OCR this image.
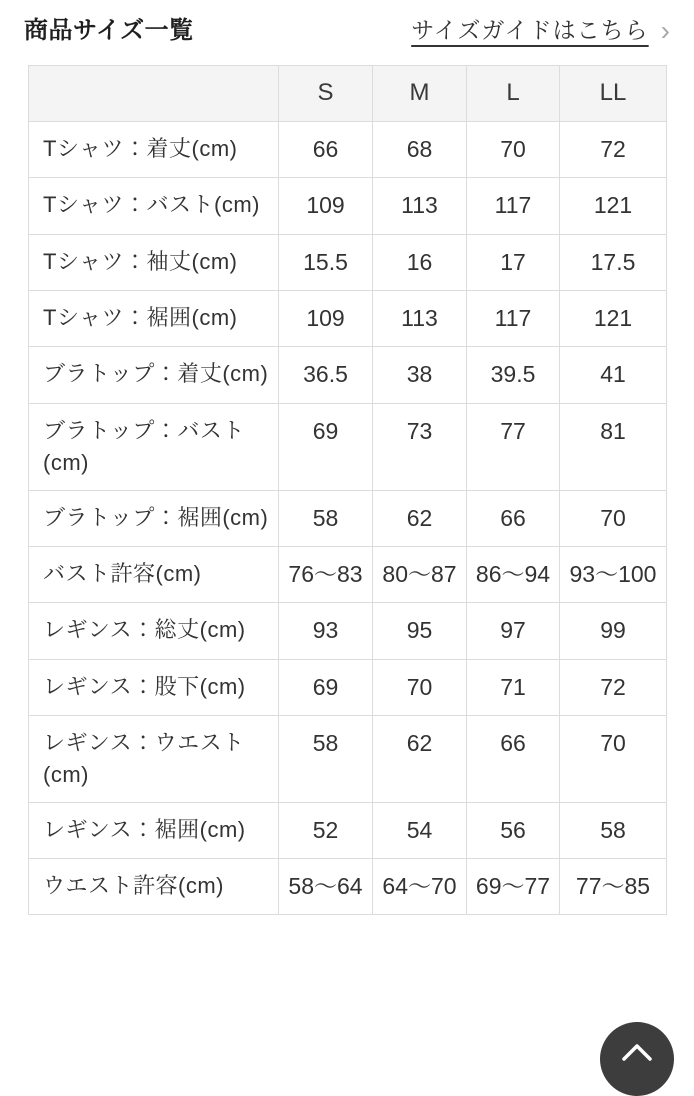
商品サイズ一覧	サイズガイドはこちら ›
	S	M	L	LL
Tシャツ：着丈(cm)	66	68	70	72
Tシャツ：バスト(cm)	109	113	117	121
Tシャツ：袖丈(cm)	15.5	16	17	17.5
Tシャツ：裾囲(cm)	109	113	117	121
ブラトップ：着丈(cm)	36.5	38	39.5	41
ブラトップ：バスト(cm)	69	73	77	81
ブラトップ：裾囲(cm)	58	62	66	70
バスト許容(cm)	76～83	80～87	86～94	93～100
レギンス：総丈(cm)	93	95	97	99
レギンス：股下(cm)	69	70	71	72
レギンス：ウエスト(cm)	58	62	66	70
レギンス：裾囲(cm)	52	54	56	58
ウエスト許容(cm)	58～64	64～70	69～77	77～85
